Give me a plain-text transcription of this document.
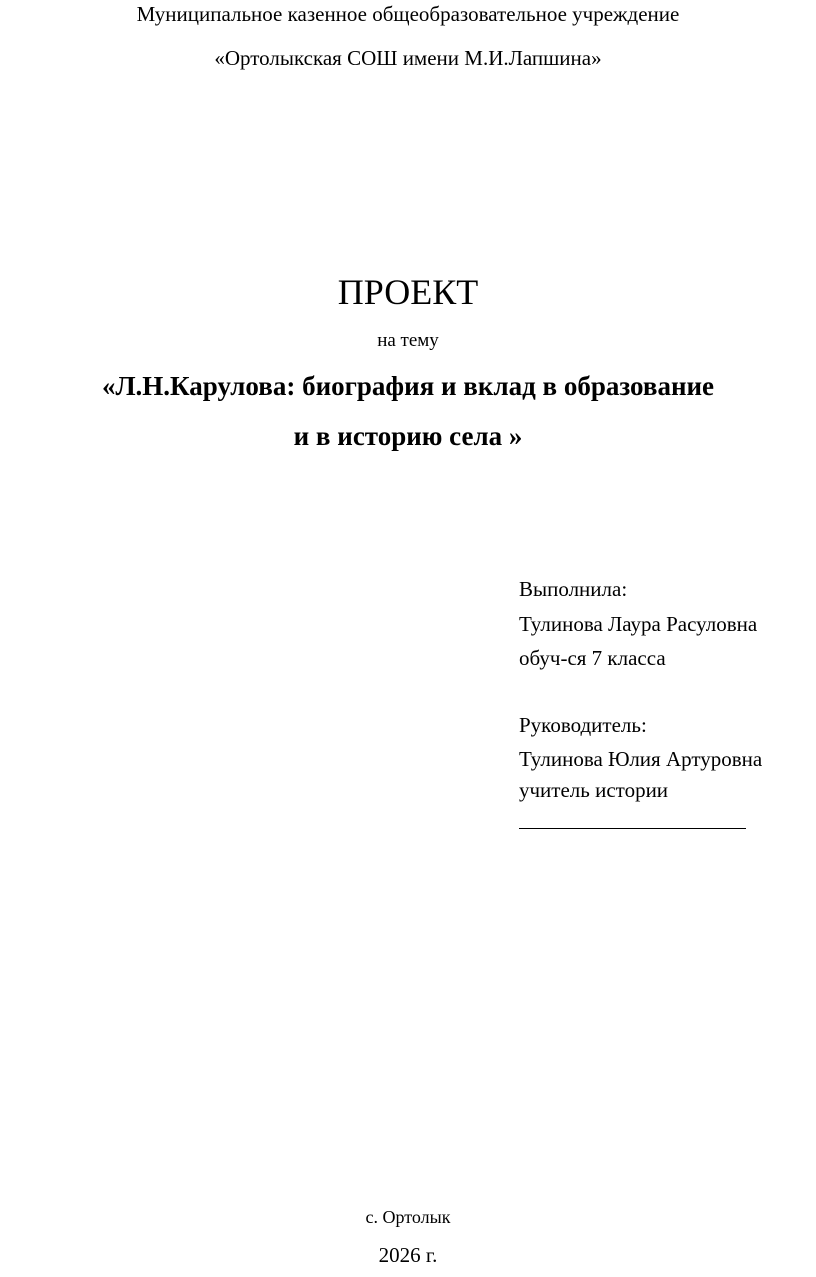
Муниципальное казенное общеобразовательное учреждение
«Ортолыкская СОШ имени М.И.Лапшина»
ПРОЕКТ
на тему
«Л.Н.Карулова: биография и вклад в образование
и в историю села »
Выполнила:
Тулинова Лаура Расуловна
обуч-ся 7 класса
Руководитель:
Тулинова Юлия Артуровна
учитель истории
с. Ортолык
2026 г.
